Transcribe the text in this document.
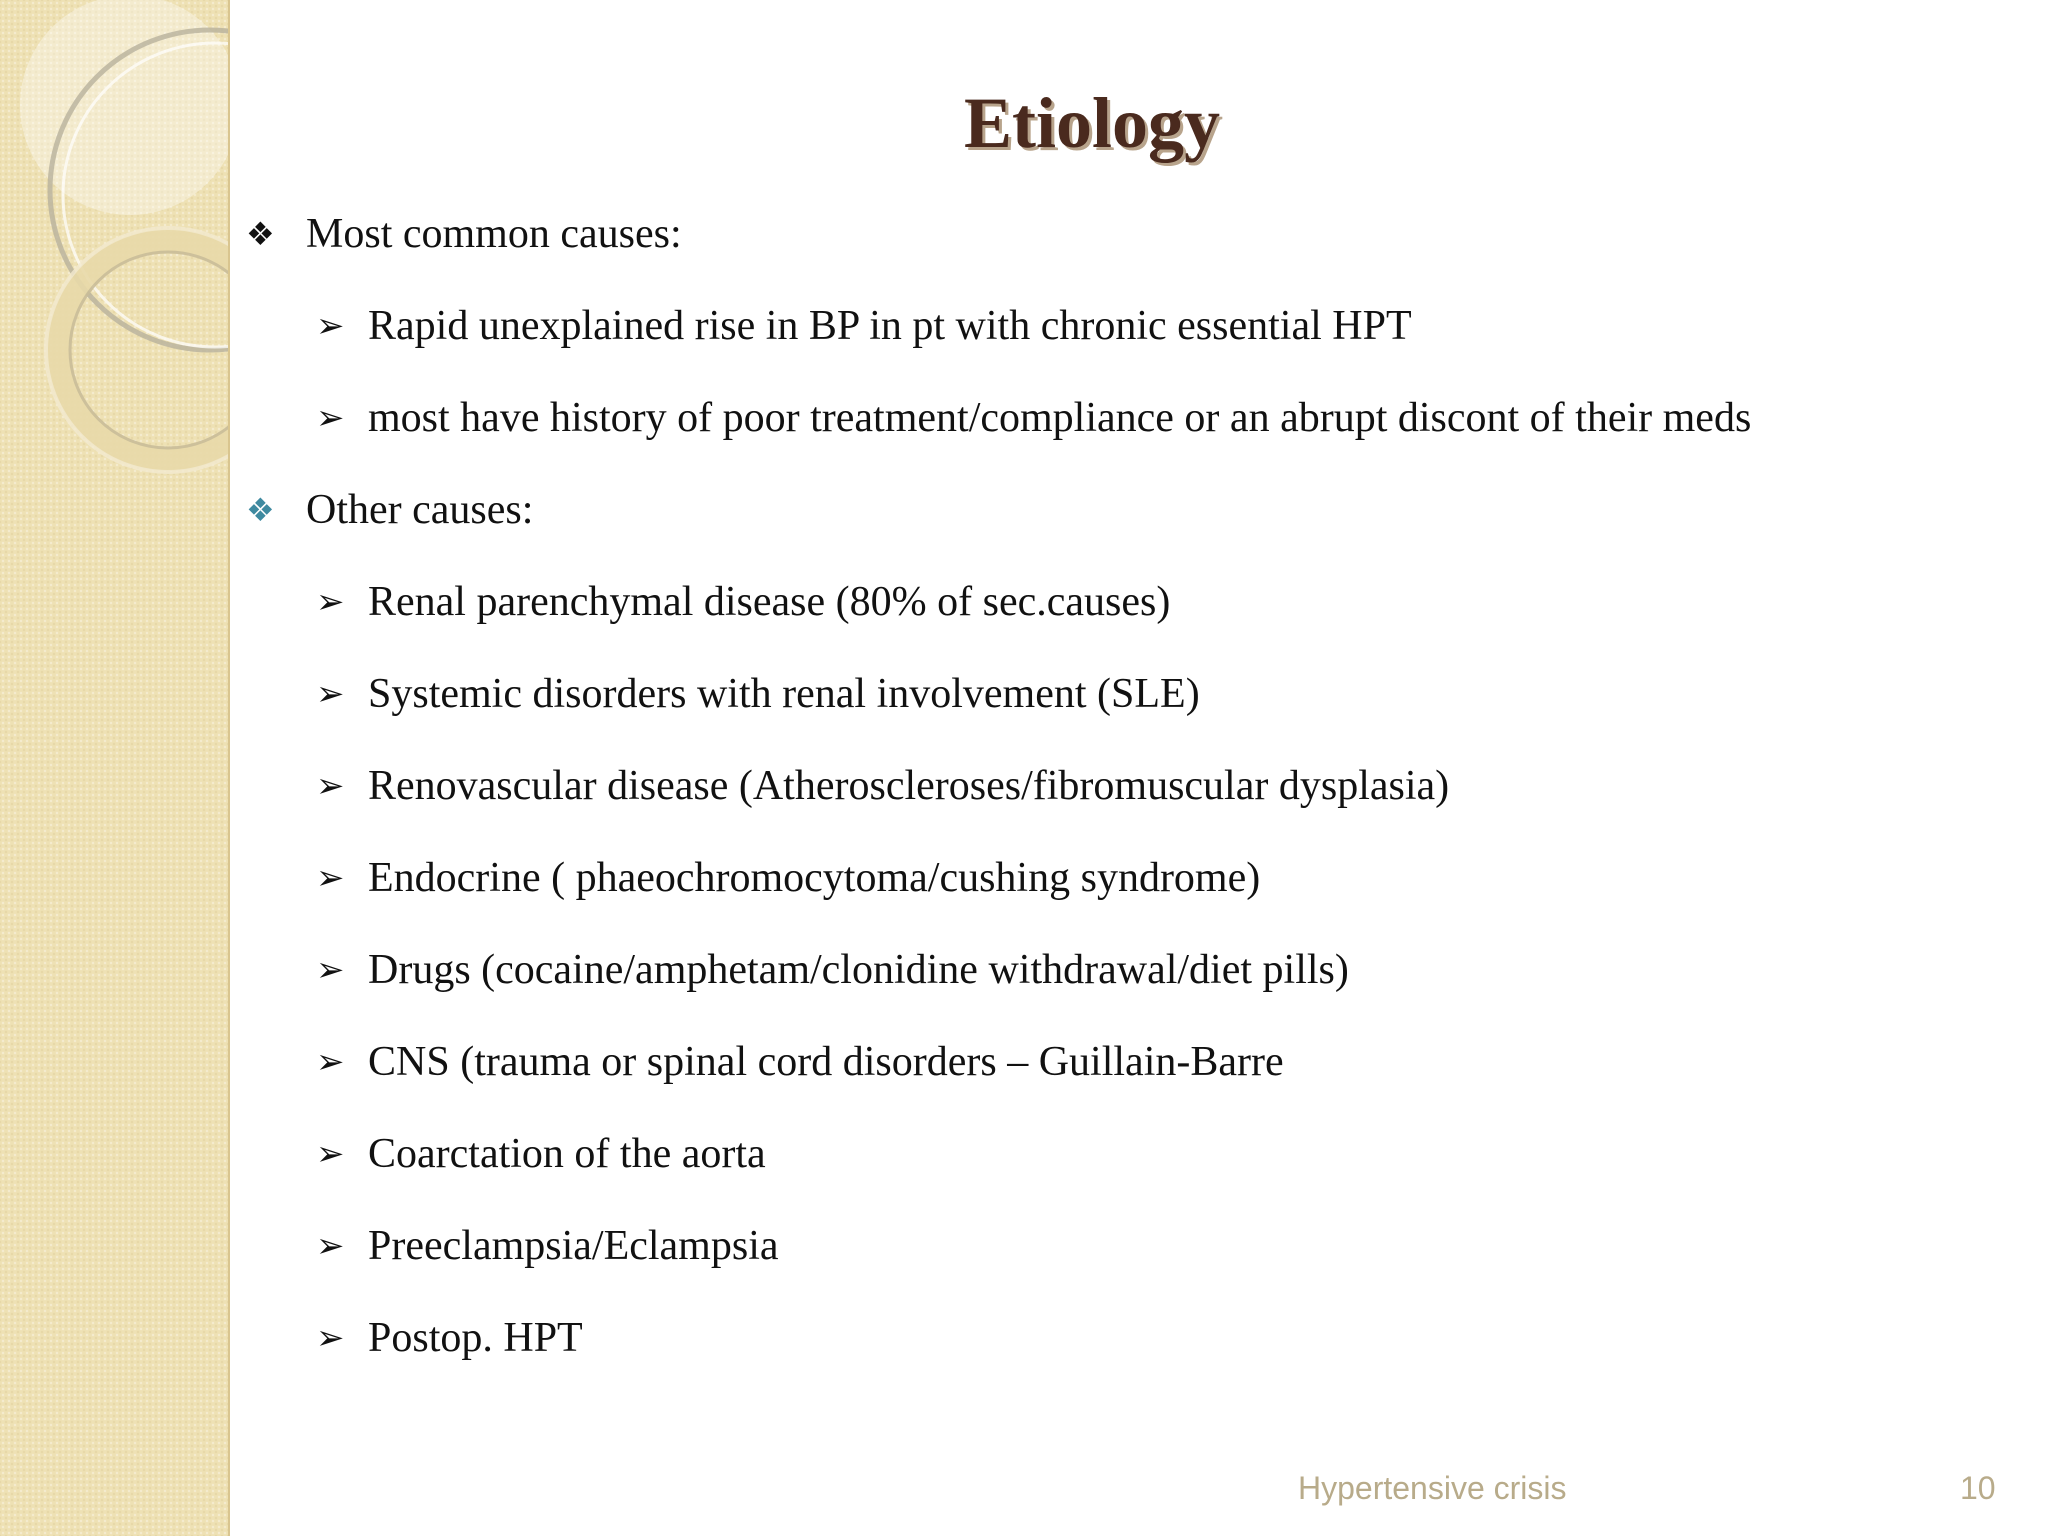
Etiology
❖ Most common causes:
➢ Rapid unexplained rise in BP in pt with chronic essential HPT
➢ most have history of poor treatment/compliance or an abrupt discont of their meds
❖ Other causes:
➢ Renal parenchymal disease (80% of sec.causes)
➢ Systemic disorders with renal involvement (SLE)
➢ Renovascular disease (Atheroscleroses/fibromuscular dysplasia)
➢ Endocrine ( phaeochromocytoma/cushing syndrome)
➢ Drugs (cocaine/amphetam/clonidine withdrawal/diet pills)
➢ CNS (trauma or spinal cord disorders – Guillain-Barre
➢ Coarctation of the aorta
➢ Preeclampsia/Eclampsia
➢ Postop. HPT
Hypertensive crisis	10
